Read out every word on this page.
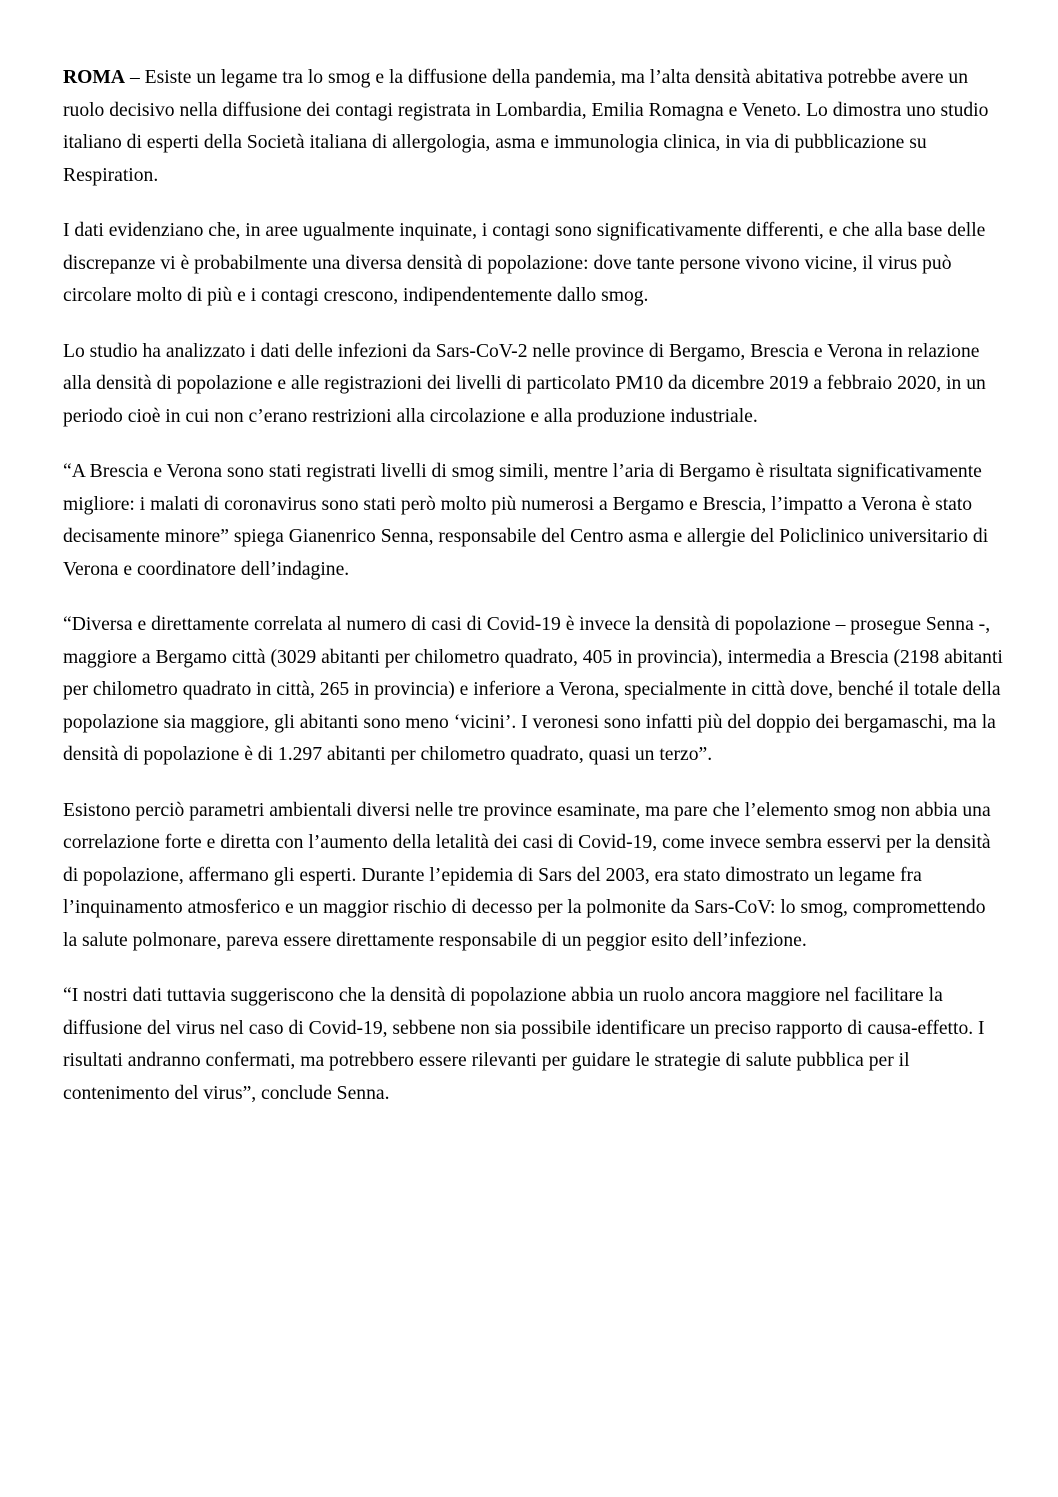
ROMA – Esiste un legame tra lo smog e la diffusione della pandemia, ma l’alta densità abitativa potrebbe avere un ruolo decisivo nella diffusione dei contagi registrata in Lombardia, Emilia Romagna e Veneto. Lo dimostra uno studio italiano di esperti della Società italiana di allergologia, asma e immunologia clinica, in via di pubblicazione su Respiration.

I dati evidenziano che, in aree ugualmente inquinate, i contagi sono significativamente differenti, e che alla base delle discrepanze vi è probabilmente una diversa densità di popolazione: dove tante persone vivono vicine, il virus può circolare molto di più e i contagi crescono, indipendentemente dallo smog.

Lo studio ha analizzato i dati delle infezioni da Sars-CoV-2 nelle province di Bergamo, Brescia e Verona in relazione alla densità di popolazione e alle registrazioni dei livelli di particolato PM10 da dicembre 2019 a febbraio 2020, in un periodo cioè in cui non c’erano restrizioni alla circolazione e alla produzione industriale.

“A Brescia e Verona sono stati registrati livelli di smog simili, mentre l’aria di Bergamo è risultata significativamente migliore: i malati di coronavirus sono stati però molto più numerosi a Bergamo e Brescia, l’impatto a Verona è stato decisamente minore” spiega Gianenrico Senna, responsabile del Centro asma e allergie del Policlinico universitario di Verona e coordinatore dell’indagine.

“Diversa e direttamente correlata al numero di casi di Covid-19 è invece la densità di popolazione – prosegue Senna -, maggiore a Bergamo città (3029 abitanti per chilometro quadrato, 405 in provincia), intermedia a Brescia (2198 abitanti per chilometro quadrato in città, 265 in provincia) e inferiore a Verona, specialmente in città dove, benché il totale della popolazione sia maggiore, gli abitanti sono meno ‘vicini’. I veronesi sono infatti più del doppio dei bergamaschi, ma la densità di popolazione è di 1.297 abitanti per chilometro quadrato, quasi un terzo”.

Esistono perciò parametri ambientali diversi nelle tre province esaminate, ma pare che l’elemento smog non abbia una correlazione forte e diretta con l’aumento della letalità dei casi di Covid-19, come invece sembra esservi per la densità di popolazione, affermano gli esperti. Durante l’epidemia di Sars del 2003, era stato dimostrato un legame fra l’inquinamento atmosferico e un maggior rischio di decesso per la polmonite da Sars-CoV: lo smog, compromettendo la salute polmonare, pareva essere direttamente responsabile di un peggior esito dell’infezione.

“I nostri dati tuttavia suggeriscono che la densità di popolazione abbia un ruolo ancora maggiore nel facilitare la diffusione del virus nel caso di Covid-19, sebbene non sia possibile identificare un preciso rapporto di causa-effetto. I risultati andranno confermati, ma potrebbero essere rilevanti per guidare le strategie di salute pubblica per il contenimento del virus”, conclude Senna.
